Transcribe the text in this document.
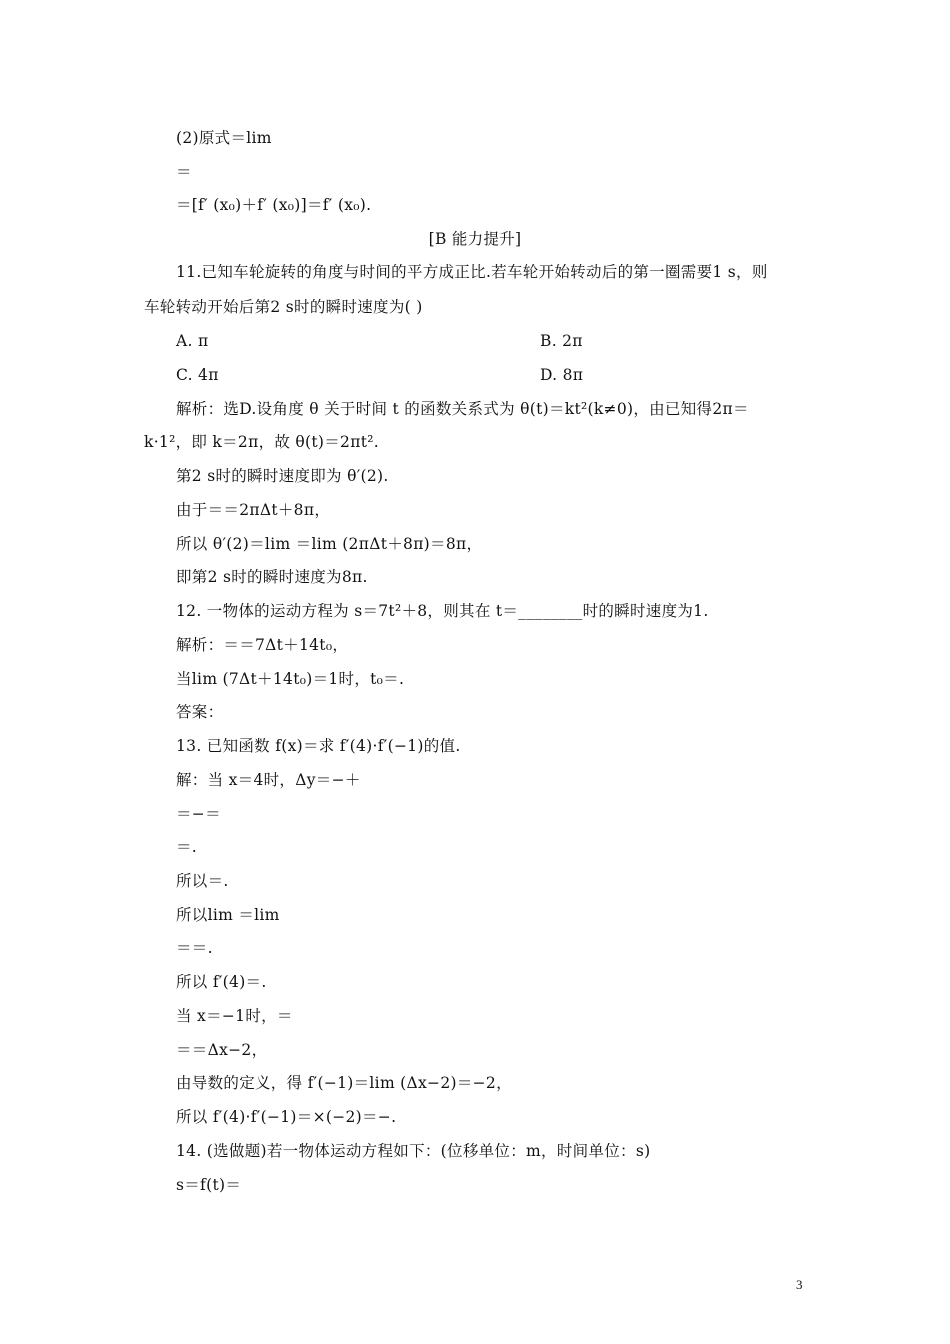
(2)原式＝lim
＝
＝[f′ (x₀)＋f′ (x₀)]＝f′ (x₀).
[B 能力提升]
11.已知车轮旋转的角度与时间的平方成正比.若车轮开始转动后的第一圈需要1 s，则
车轮转动开始后第2 s时的瞬时速度为( )
A. π	B. 2π
C. 4π	D. 8π
解析：选D.设角度 θ 关于时间 t 的函数关系式为 θ(t)＝kt²(k≠0)，由已知得2π＝
k·1²，即 k＝2π，故 θ(t)＝2πt².
第2 s时的瞬时速度即为 θ′(2).
由于＝＝2πΔt＋8π，
所以 θ′(2)＝lim ＝lim (2πΔt＋8π)＝8π，
即第2 s时的瞬时速度为8π.
12. 一物体的运动方程为 s＝7t²＋8，则其在 t＝________时的瞬时速度为1.
解析：＝＝7Δt＋14t₀，
当lim (7Δt＋14t₀)＝1时，t₀＝.
答案：
13. 已知函数 f(x)＝求 f′(4)·f′(−1)的值.
解：当 x＝4时，Δy＝−＋
＝−＝
＝.
所以＝.
所以lim ＝lim
＝＝.
所以 f′(4)＝.
当 x＝−1时，＝
＝＝Δx−2，
由导数的定义，得 f′(−1)＝lim (Δx−2)＝−2，
所以 f′(4)·f′(−1)＝×(−2)＝−.
14. (选做题)若一物体运动方程如下：(位移单位：m，时间单位：s)
s＝f(t)＝
3
